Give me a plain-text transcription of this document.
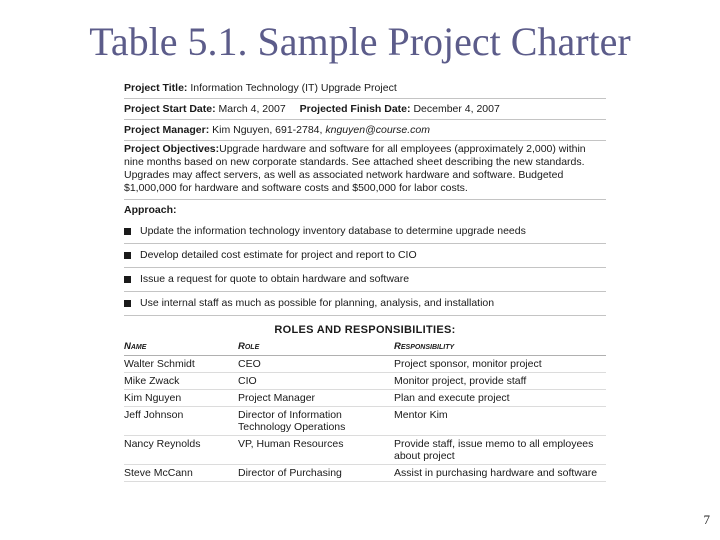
Table 5.1. Sample Project Charter
Project Title:
Information Technology (IT) Upgrade Project
Project Start Date:
March 4, 2007 Projected Finish Date:
December 4, 2007
Project Manager:
Kim Nguyen, 691-2784,
knguyen@course.com
Project Objectives:Upgrade hardware and software for all employees (approximately 2,000) within nine months based on new corporate standards. See attached sheet describing the new standards. Upgrades may affect servers, as well as associated network hardware and software. Budgeted $1,000,000 for hardware and software costs and $500,000 for labor costs.
Approach:
Update the information technology inventory database to determine upgrade needs
Develop detailed cost estimate for project and report to CIO
Issue a request for quote to obtain hardware and software
Use internal staff as much as possible for planning, analysis, and installation
ROLES AND RESPONSIBILITIES:
Name	Role	Responsibility
Walter Schmidt	CEO	Project sponsor, monitor project
Mike Zwack	CIO	Monitor project, provide staff
Kim Nguyen	Project Manager	Plan and execute project
Jeff Johnson	Director of Information Technology Operations	Mentor Kim
Nancy Reynolds	VP, Human Resources	Provide staff, issue memo to all employees about project
Steve McCann	Director of Purchasing	Assist in purchasing hardware and software
7
